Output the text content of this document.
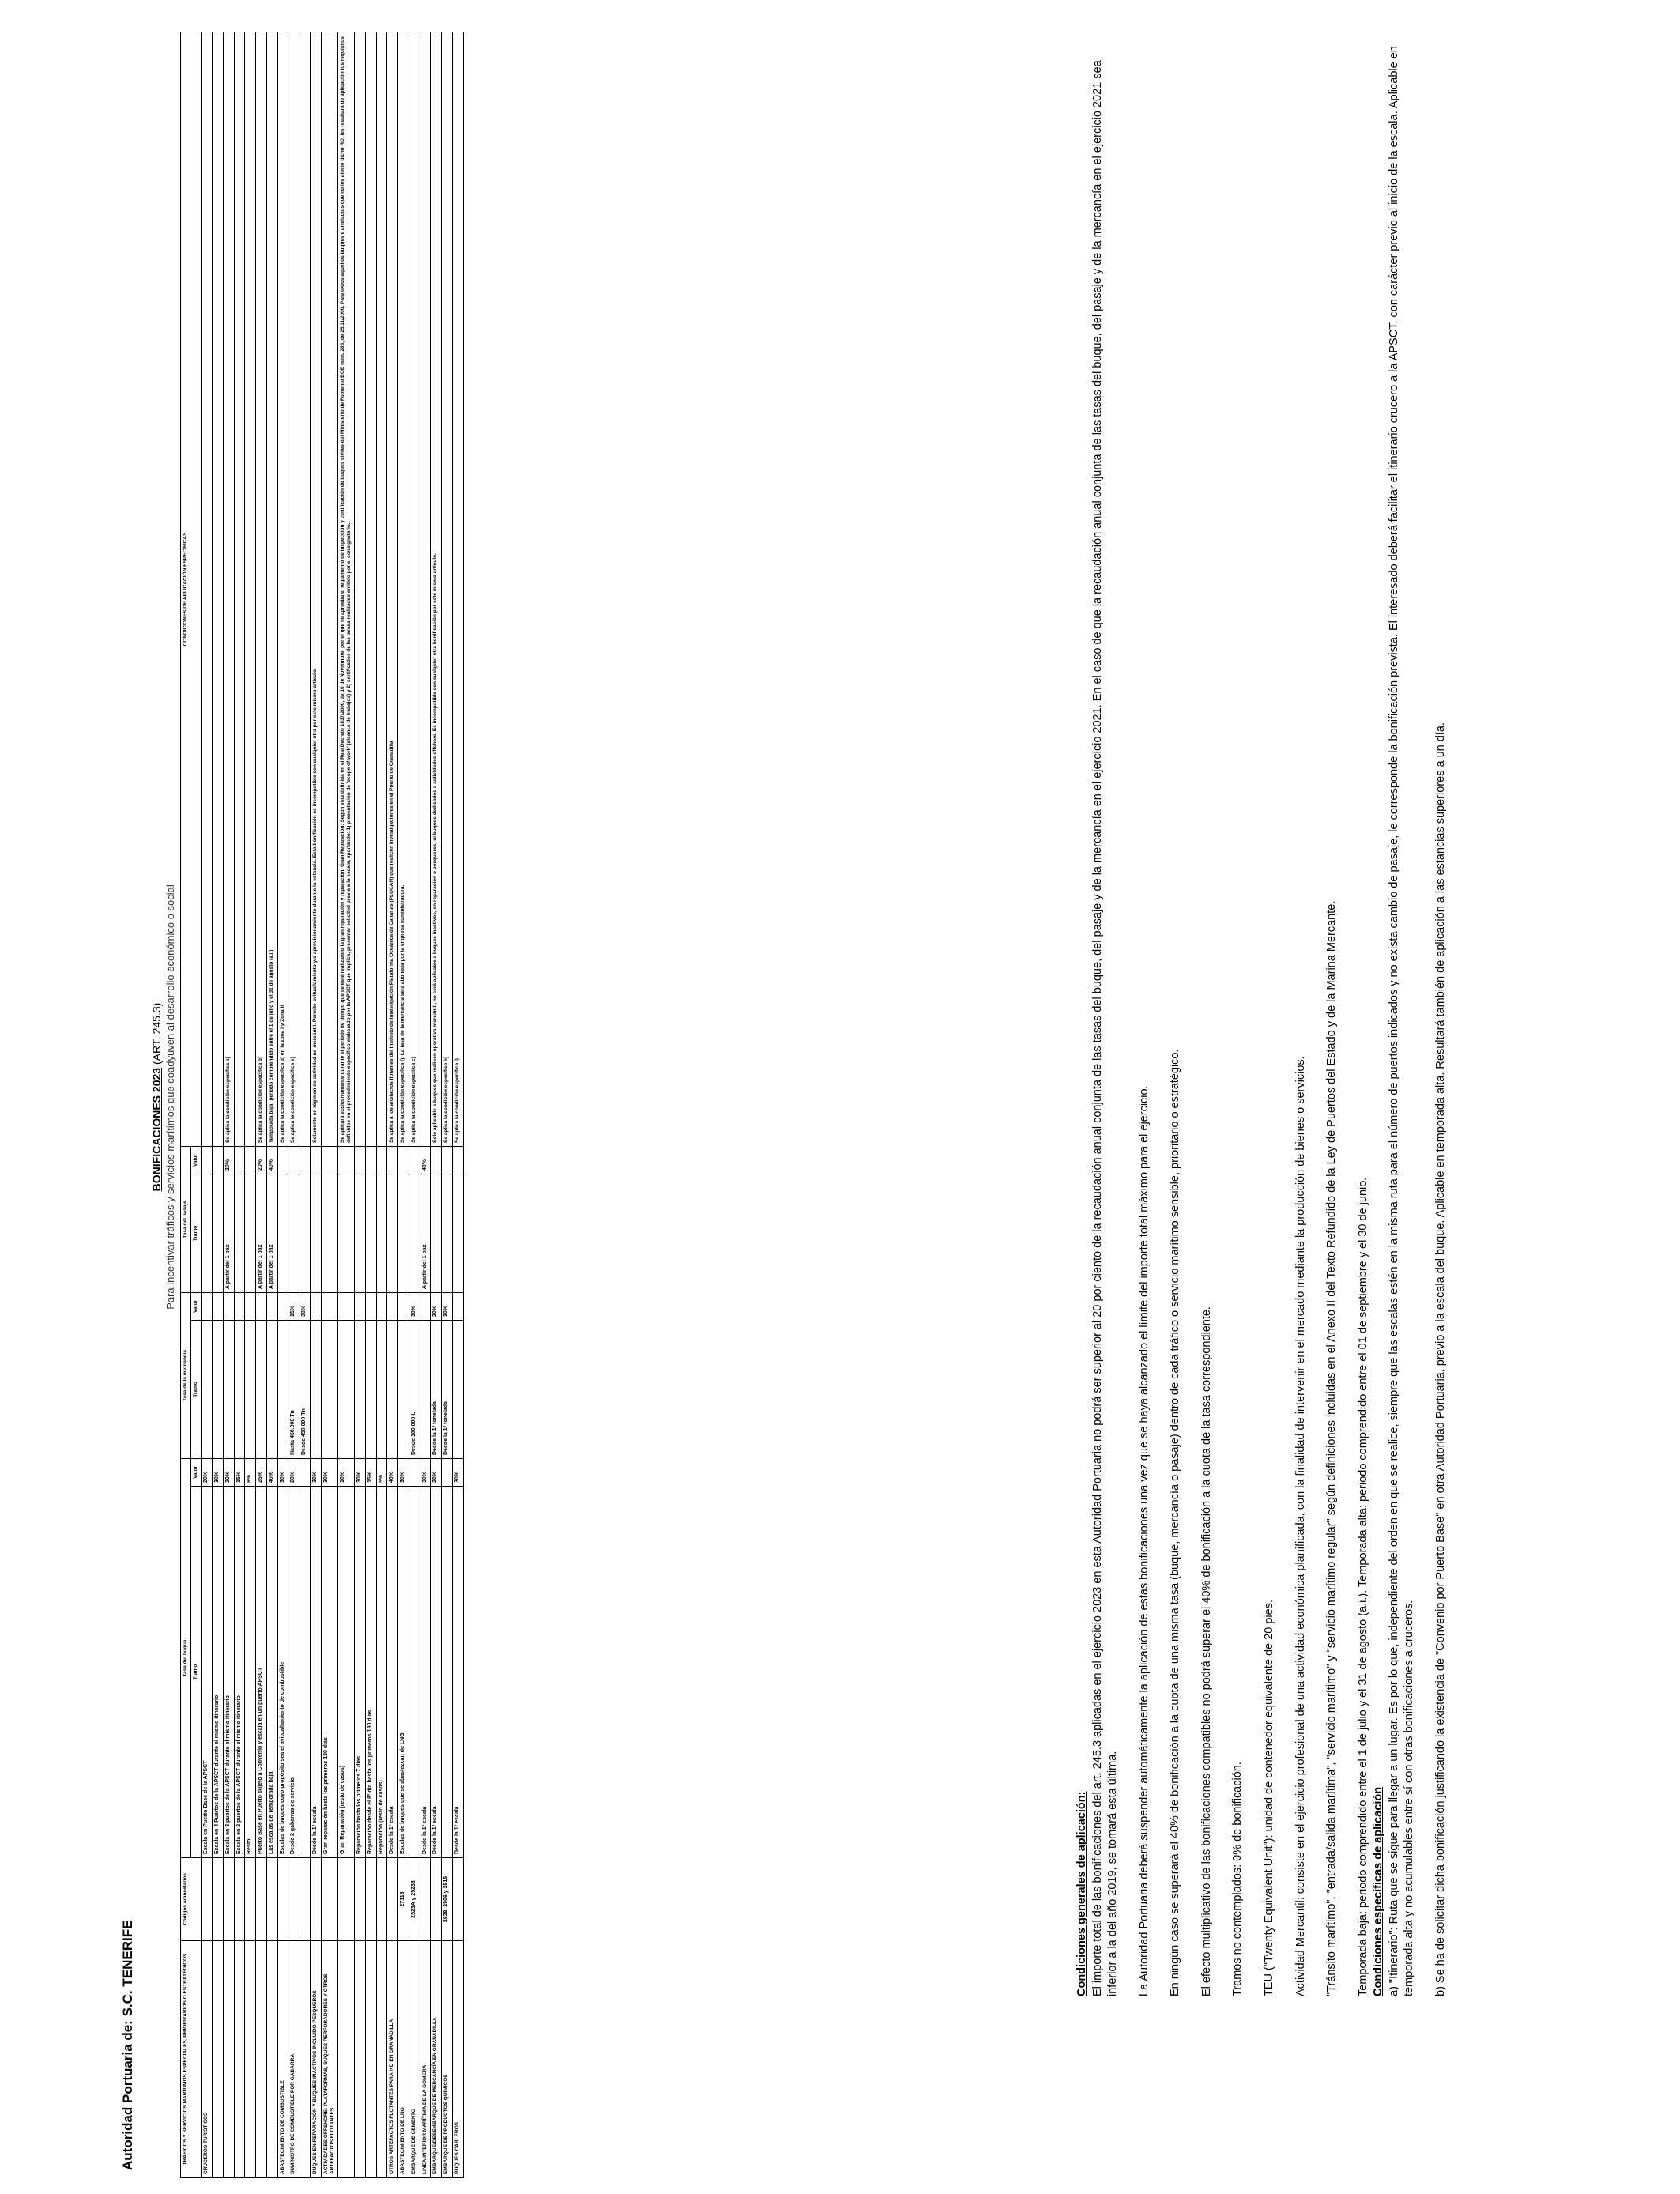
Autoridad Portuaria de: S.C. TENERIFE
BONIFICACIONES 2023 (ART. 245.3) Para incentivar tráficos y servicios marítimos que coadyuven al desarrollo económico o social
TRÁFICOS Y SERVICIOS MARÍTIMOS ESPECIALES, PRIORITARIOS O ESTRATÉGICOS	Códigos arancelarios	Tasa del buque		Tasa de la mercancía		Tasa del pasaje		CONDICIONES DE APLICACIÓN ESPECÍFICAS
		Tramo	Valor	Tramo	Valor	Tramo	Valor	
CRUCEROS TURÍSTICOS		Escala en Puerto Base de la APSCT	20%					
		Escala en 4 Puertos de la APSCT durante el mismo itinerario	30%					
		Escala en 3 puertos de la APSCT durante el mismo itinerario	20%			A partir del 1 pax	20%	Se aplica la condición específica a)
		Escala en 2 puertos de la APSCT durante el mismo itinerario	15%					
		Resto	8%					
		Puerto Base en Puerto sujeto a Convenio y escala en un puerto APSCT	25%			A partir del 1 pax	20%	Se aplica la condición específica b)
		Las escalas de Temporada baja	40%			A partir del 1 pax	40%	Temporada baja: periodo comprendido entre el 1 de julio y el 31 de agosto (a.i.)
ABASTECIMIENTO DE COMBUSTIBLE		Escalas de buques cuyo propósito sea el avituallamiento de combustible	30%					Se aplica la condición específica d) en la zona I y Zona II
SUMINISTRO DE COMBUSTIBLE POR GABARRA		Desde 2 gabarras de servicio	20%	Hasta 450.000 Tn	15%			Se aplica la condición específica e)
				Desde 450.000 Tn	30%			
BUQUES EN REPARACIÓN Y BUQUES INACTIVOS INCLUIDO PESQUEROS		Desde la 1ª escala	30%					Solamente en régimen de actividad no mercantil. Permite avituallamiento y/o aprovisionamiento durante la estancia. Esta bonificación es incompatible con cualquier otra por este mismo artículo.
ACTIVIDADES OFFSHORE: PLATAFORMAS, BUQUES PERFORADORES Y OTROS ARTEFACTOS FLOTANTES		Gran reparación hasta los primeros 180 días	30%					
		Gran Reparación (resto de casos)	10%					Se aplicará exclusivamente durante el periodo de tiempo que se esté realizando la gran reparación y reparación. Gran Reparación: Según está definida en el Real Decreto 1837/2000, de 10 de Noviembre, por el que se aprueba el reglamento de inspección y certificación de buques civiles del Ministerio de Fomento BOE núm. 283, de 25/11/2000. Para todos aquellos buques e artefactos que no les afecte dicho RD, les resultará de aplicación los requisitos definidos en el procedimiento específico elaborado por la APSCT que implica, presentar solicitud previa a la escala, aportando: 1) presentación de 'scope of work' (alcance de trabajos) y 2) certificados de las tareas realizadas emitido por el consignatario.
		Reparación hasta los primeros 7 días	30%					
		Reparación desde el 8º día hasta los primeros 180 días	15%					
		Reparación (resto de casos)	5%					
OTROS ARTEFACTOS FLOTANTES PARA I+D EN GRANADILLA		Desde la 1ª escala	40%					Se aplica a los artefactos flotantes del Instituto de Investigación Plataforma Oceánica de Canarias (PLOCAN) que realicen investigaciones en el Puerto de Granadilla
ABASTECIMIENTO DE LNG	27118	Escalas de buques que se abastezcan de LNG	30%					Se aplica la condición específica f). La tasa de la mercancía será abonada por la empresa suministradora.
EMBARQUE DE CEMENTO	2523A y 25238			Desde 100.000 t.	30%			Se aplica la condición específica c)
LINEA INTERIOR MARÍTIMA DE LA GOMERA		Desde la 1ª escala	30%			A partir del 1 pax	40%	
EMBARQUE/DESEMBARQUE DE MERCANCÍA EN GRANADILLA		Desde la 1ª escala	20%	Desde la 1ª tonelada	20%			Solo aplicable a buques que realicen operativa mercantil, no será aplicable a buques inactivos, en reparación o pesqueros, ni buques dedicados a actividades offshore. Es incompatible con cualquier otra bonificación por este mismo artículo.
EMBARQUE DE PRODUCTOS QUÍMICOS	2828, 2806 y 2815			Desde la 1ª tonelada	30%			Se aplica la condición específica h)
BUQUES CABLEROS		Desde la 1ª escala	30%					Se aplica la condición específica i)
Condiciones generales de aplicación: El importe total de las bonificaciones del art. 245.3 aplicadas en el ejercicio 2023 en esta Autoridad Portuaria no podrá ser superior al 20 por ciento de la recaudación anual conjunta de las tasas del buque, del pasaje y de la mercancía en el ejercicio 2021. En el caso de que la recaudación anual conjunta de las tasas del buque, del pasaje y de la mercancía en el ejercicio 2021 sea inferior a la del año 2019, se tomará esta última. La Autoridad Portuaria deberá suspender automáticamente la aplicación de estas bonificaciones una vez que se haya alcanzado el límite del importe total máximo para el ejercicio. En ningún caso se superará el 40% de bonificación a la cuota de una misma tasa (buque, mercancía o pasaje) dentro de cada tráfico o servicio marítimo sensible, prioritario o estratégico. El efecto multiplicativo de las bonificaciones compatibles no podrá superar el 40% de bonificación a la cuota de la tasa correspondiente. Tramos no contemplados: 0% de bonificación. TEU ("Twenty Equivalent Unit"): unidad de contenedor equivalente de 20 pies. Actividad Mercantil: consiste en el ejercicio profesional de una actividad económica planificada, con la finalidad de intervenir en el mercado mediante la producción de bienes o servicios. "Tránsito marítimo", "entrada/salida marítima", "servicio marítimo" y "servicio marítimo regular" según definiciones incluidas en el Anexo II del Texto Refundido de la Ley de Puertos del Estado y de la Marina Mercante. Temporada baja: periodo comprendido entre el 1 de julio y el 31 de agosto (a.i.). Temporada alta: periodo comprendido entre el 01 de septiembre y el 30 de junio. Condiciones específicas de aplicación a) "Itinerario": Ruta que se sigue para llegar a un lugar. Es por lo que, independiente del orden en que se realice, siempre que las escalas estén en la misma ruta para el número de puertos indicados y no exista cambio de pasaje, le corresponde la bonificación prevista. El interesado deberá facilitar el itinerario crucero a la APSCT, con carácter previo al inicio de la escala. Aplicable en temporada alta y no acumulables entre sí con otras bonificaciones a cruceros. b) Se ha de solicitar dicha bonificación justificando la existencia de "Convenio por Puerto Base" en otra Autoridad Portuaria, previo a la escala del buque. Aplicable en temporada alta. Resultará también de aplicación a las estancias superiores a un día.
